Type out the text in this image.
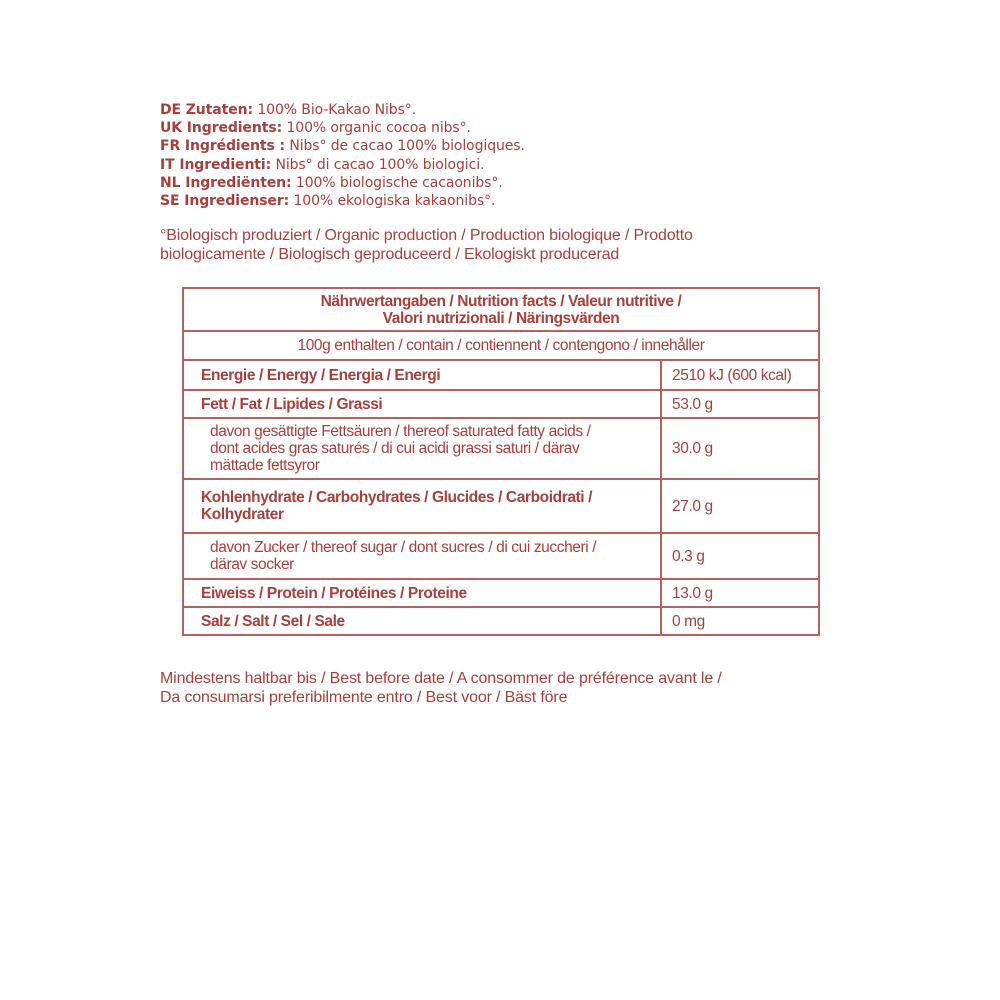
DE Zutaten: 100% Bio-Kakao Nibs°.
UK Ingredients: 100% organic cocoa nibs°.
FR Ingrédients : Nibs° de cacao 100% biologiques.
IT Ingredienti: Nibs° di cacao 100% biologici.
NL Ingrediënten: 100% biologische cacaonibs°.
SE Ingredienser: 100% ekologiska kakaonibs°.
°Biologisch produziert / Organic production / Production biologique / Prodotto
biologicamente / Biologisch geproduceerd / Ekologiskt producerad
Nährwertangaben / Nutrition facts / Valeur nutritive /
Valori nutrizionali / Näringsvärden	

100g enthalten / contain / contiennent / contengono / innehåller	
Energie / Energy / Energia / Energi	2510 kJ (600 kcal)
Fett / Fat / Lipides / Grassi	53.0 g

davon gesättigte Fettsäuren / thereof saturated fatty acids /
dont acides gras saturés / di cui acidi grassi saturi / därav
mättade fettsyror	30.0 g

Kohlenhydrate / Carbohydrates / Glucides / Carboidrati /
Kolhydrater	27.0 g

davon Zucker / thereof sugar / dont sucres / di cui zuccheri /
därav socker	0.3 g
Eiweiss / Protein / Protéines / Proteine	13.0 g
Salz / Salt / Sel / Sale	0 mg
Mindestens haltbar bis / Best before date / A consommer de préférence avant le /
Da consumarsi preferibilmente entro / Best voor / Bäst före
